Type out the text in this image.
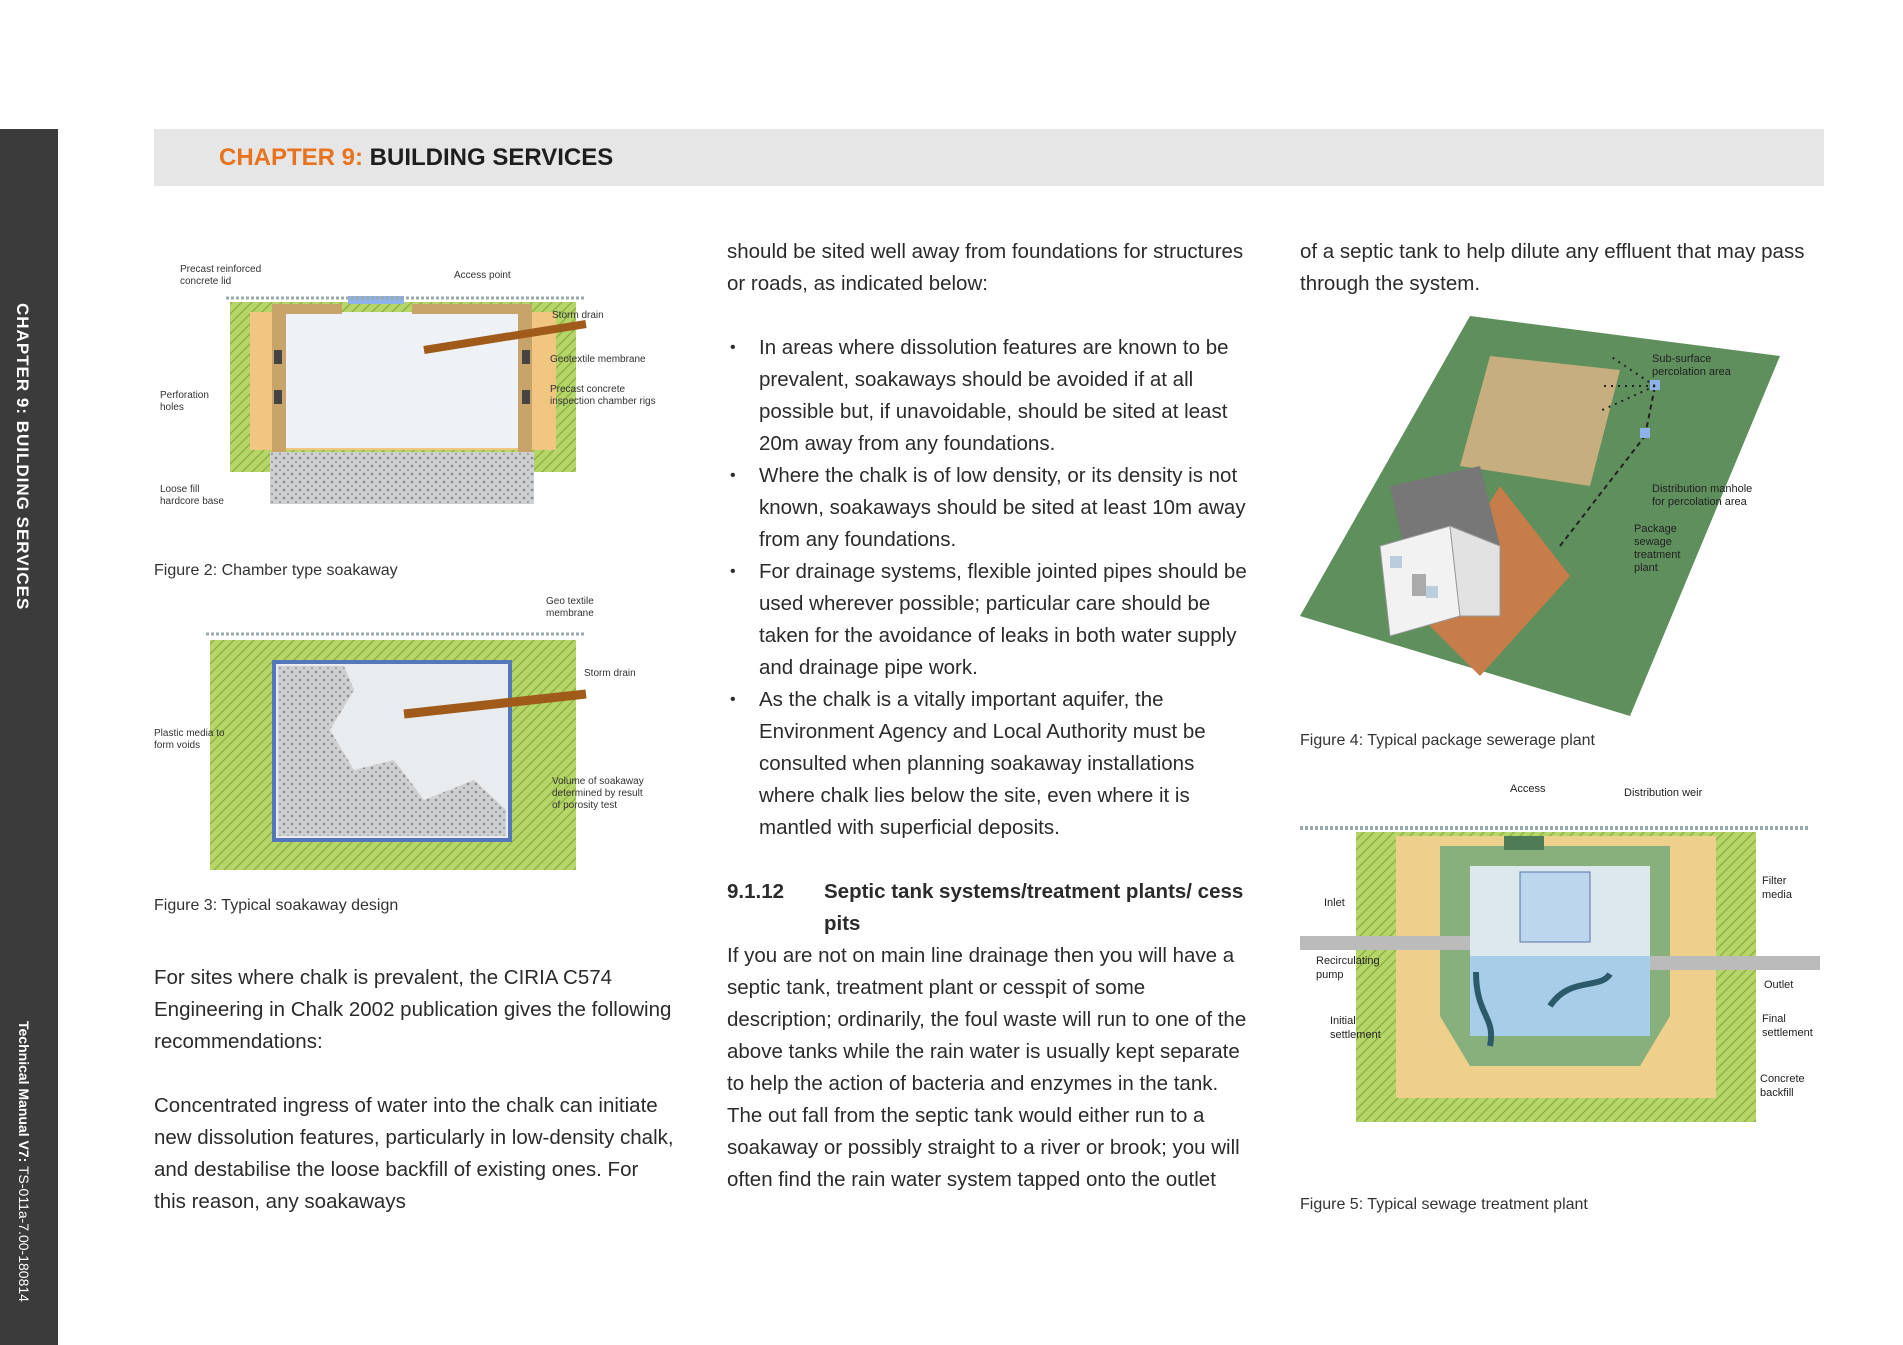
CHAPTER 9: BUILDING SERVICES
Technical Manual V7: TS-011a-7.00-180814
CHAPTER 9: BUILDING SERVICES
Precast reinforced
concrete lid
Access point
Storm drain
Geotextile membrane
Precast concrete
inspection chamber rigs
Perforation
holes
Loose fill
hardcore base
Figure 2: Chamber type soakaway
Geo textile
membrane
Storm drain
Plastic media to
form voids
Volume of soakaway
determined by result
of porosity test
Figure 3: Typical soakaway design

For sites where chalk is prevalent, the CIRIA C574 Engineering in Chalk 2002 publication gives the following recommendations:

Concentrated ingress of water into the chalk can initiate new dissolution features, particularly in low-density chalk, and destabilise the loose backfill of existing ones. For this reason, any soakaways

should be sited well away from foundations for structures or roads, as indicated below:

• In areas where dissolution features are known to be prevalent, soakaways should be avoided if at all possible but, if unavoidable, should be sited at least 20m away from any foundations.
• Where the chalk is of low density, or its density is not known, soakaways should be sited at least 10m away from any foundations.
• For drainage systems, flexible jointed pipes should be used wherever possible; particular care should be taken for the avoidance of leaks in both water supply and drainage pipe work.
• As the chalk is a vitally important aquifer, the Environment Agency and Local Authority must be consulted when planning soakaway installations where chalk lies below the site, even where it is mantled with superficial deposits.
9.1.12 Septic tank systems/treatment plants/ cess pits

If you are not on main line drainage then you will have a septic tank, treatment plant or cesspit of some description; ordinarily, the foul waste will run to one of the above tanks while the rain water is usually kept separate to help the action of bacteria and enzymes in the tank. The out fall from the septic tank would either run to a soakaway or possibly straight to a river or brook; you will often find the rain water system tapped onto the outlet

of a septic tank to help dilute any effluent that may pass through the system.

Sub-surface
percolation area
Distribution manhole
for percolation area
Package
sewage
treatment
plant
Figure 4: Typical package sewerage plant
Access	Distribution weir
Inlet
Filter
media
Recirculating
pump
Outlet
Initial
settlement
Final
settlement
Concrete
backfill
Figure 5: Typical sewage treatment plant
